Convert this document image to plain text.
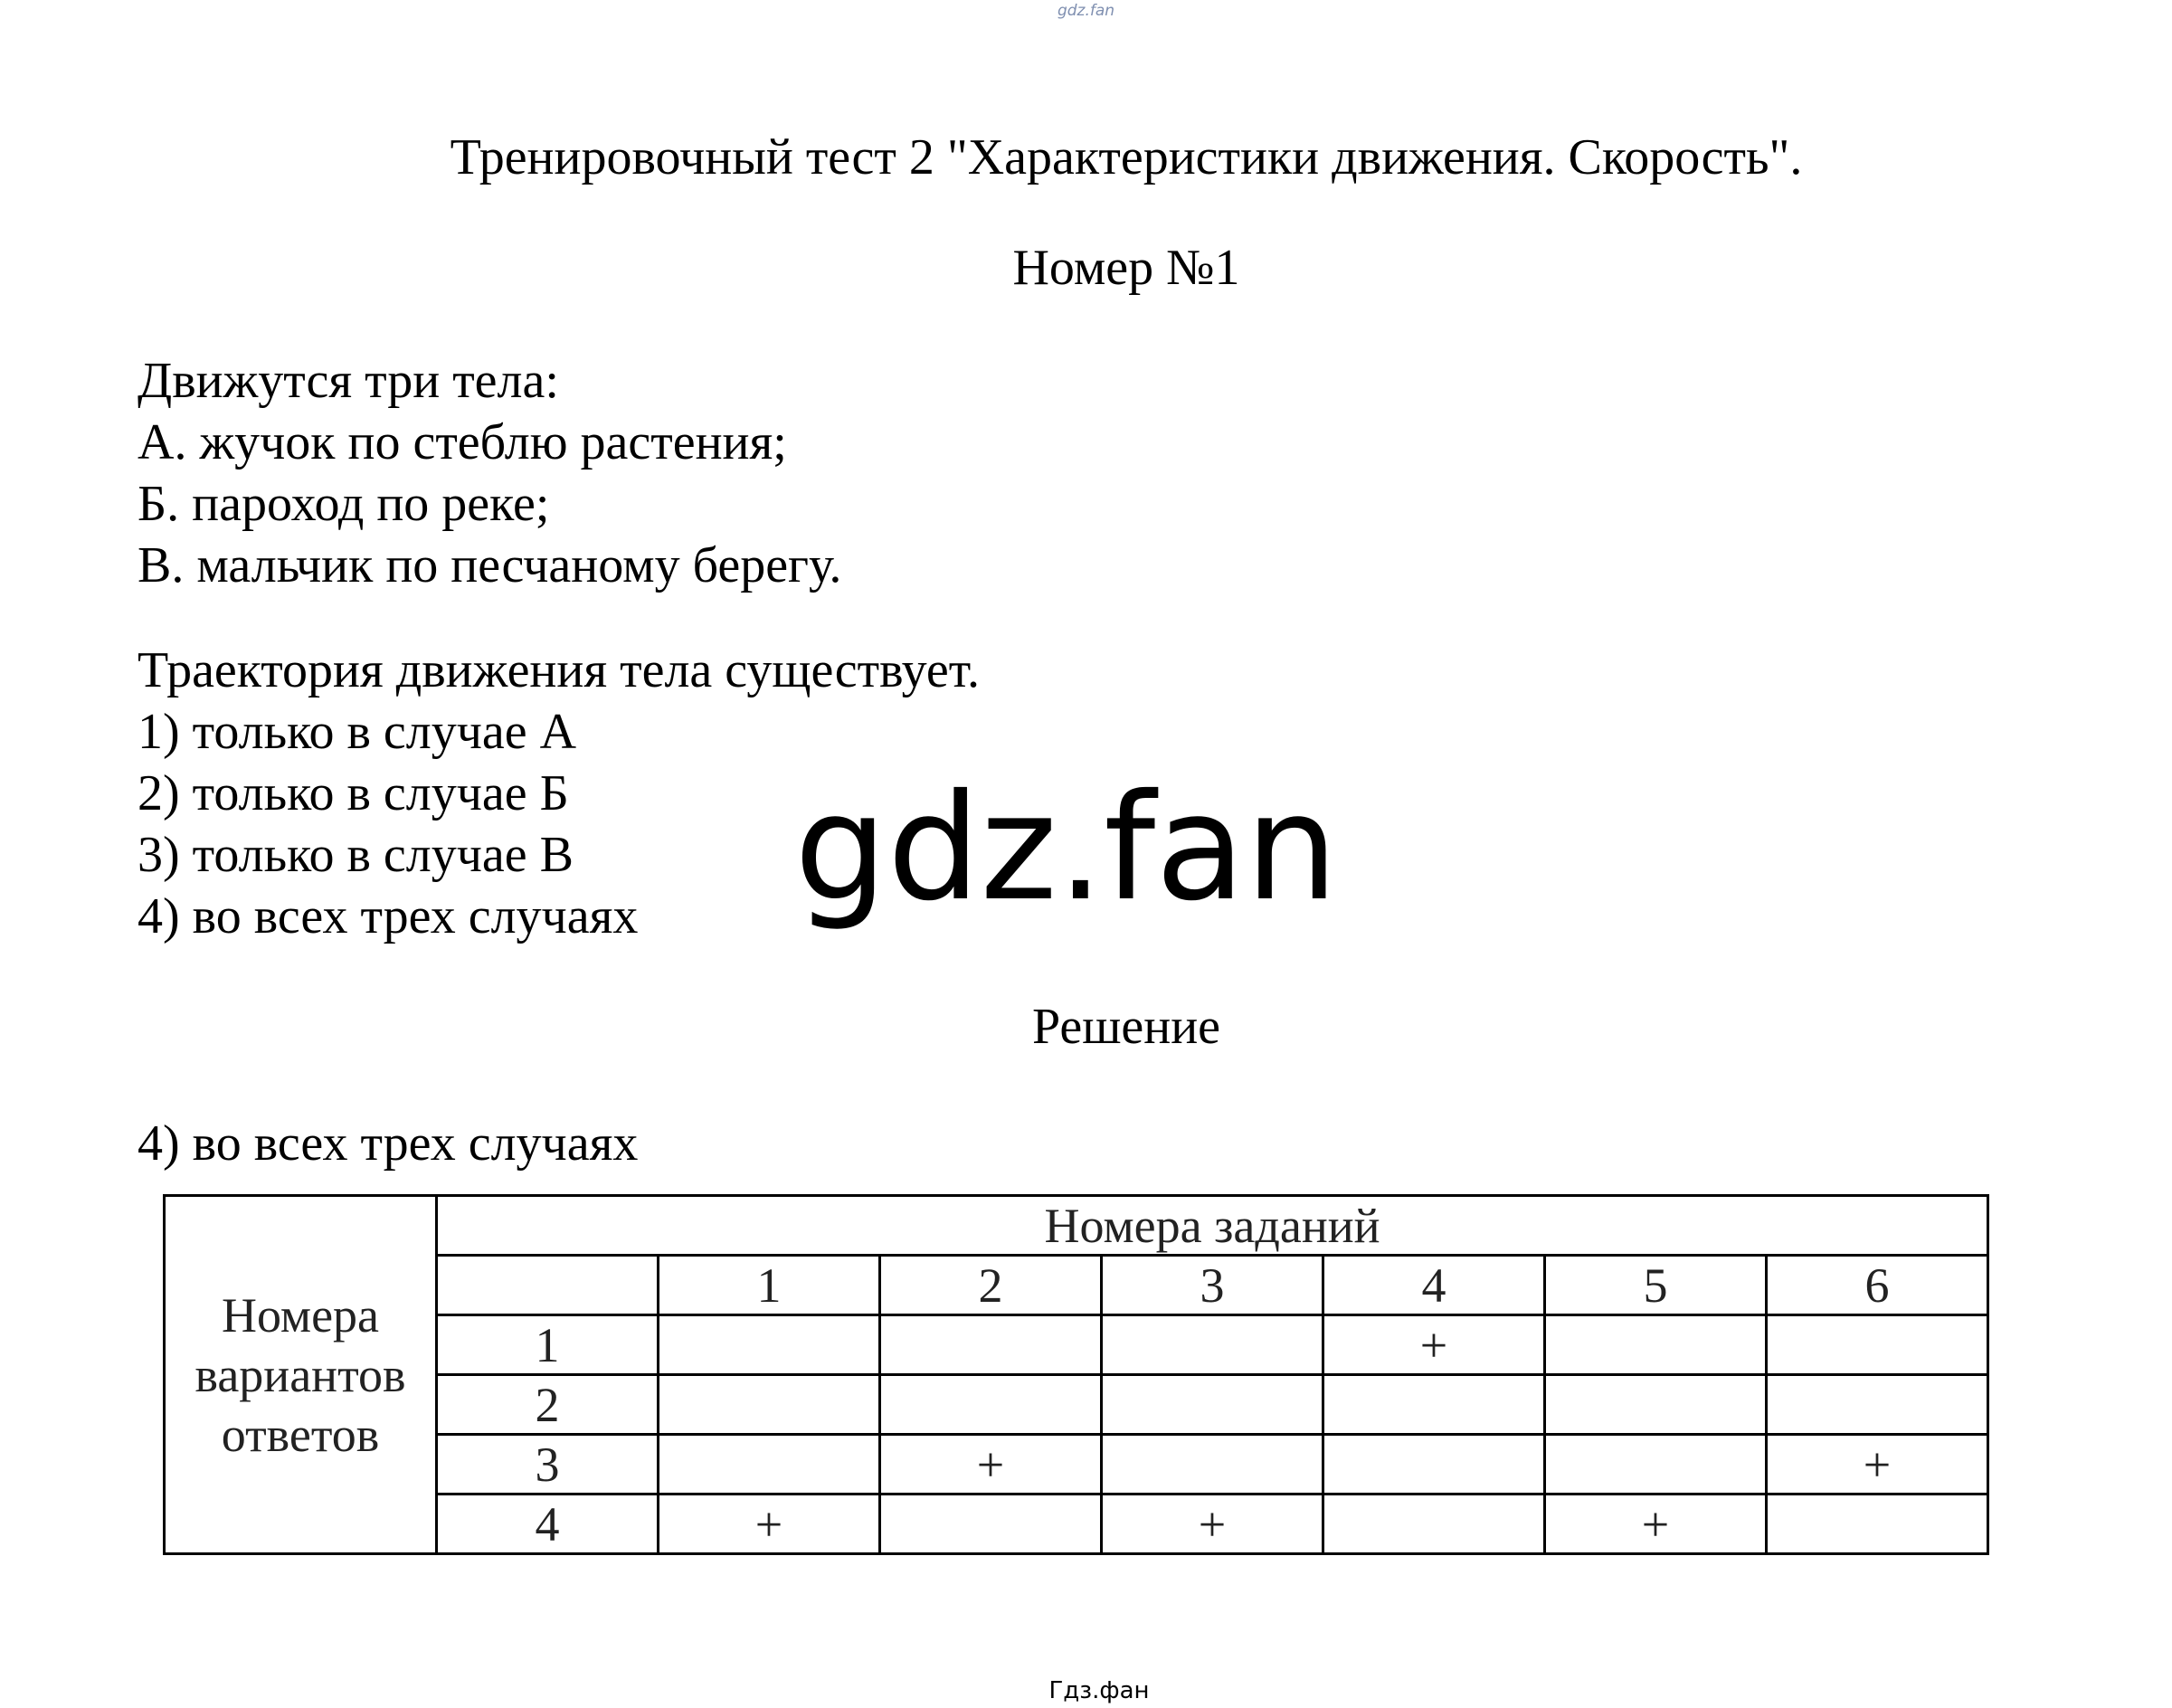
gdz.fan
Тренировочный тест 2 "Характеристики движения. Скорость".
Номер №1
Движутся три тела:
А. жучок по стеблю растения;
Б. пароход по реке;
В. мальчик по песчаному берегу.
Траектория движения тела существует.
1) только в случае А
2) только в случае Б
3) только в случае В
4) во всех трех случаях	gdz.fan
Решение
4) во всех трех случаях
Номера вариантов ответов	Номера заданий						
		1	2	3	4	5	6
	1				+		
	2						
	3		+				+
	4	+		+		+	
Гдз.фан
